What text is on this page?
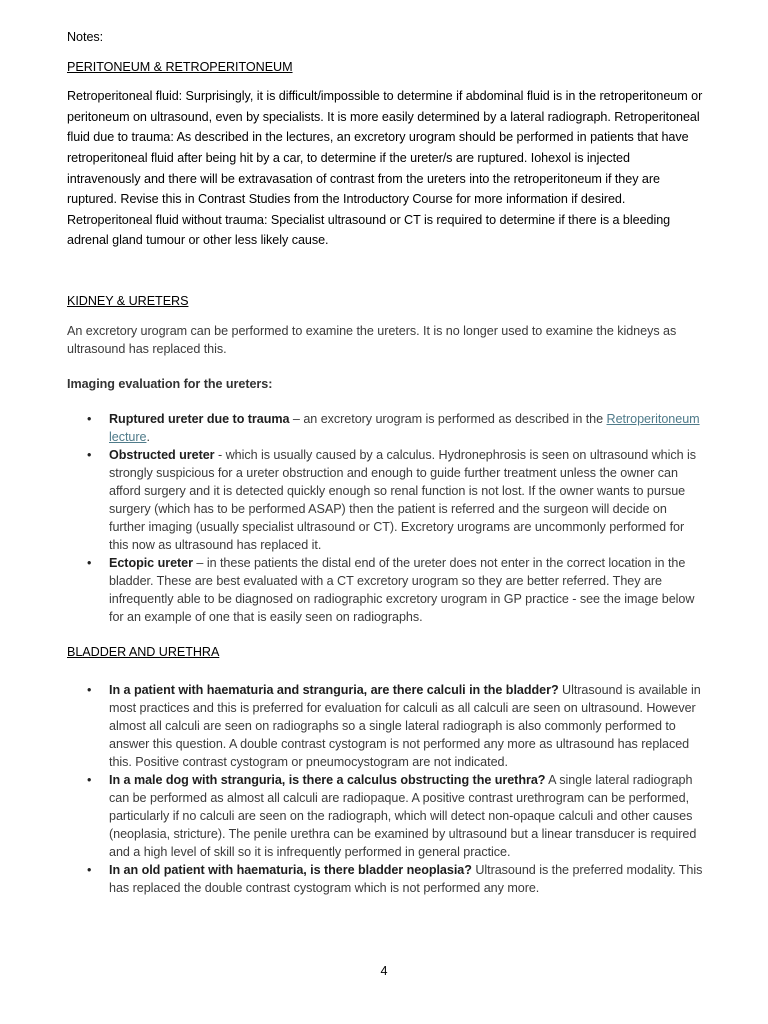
Notes:

PERITONEUM & RETROPERITONEUM

Retroperitoneal fluid: Surprisingly, it is difficult/impossible to determine if abdominal fluid is in the retroperitoneum or peritoneum on ultrasound, even by specialists. It is more easily determined by a lateral radiograph. Retroperitoneal fluid due to trauma: As described in the lectures, an excretory urogram should be performed in patients that have retroperitoneal fluid after being hit by a car, to determine if the ureter/s are ruptured. Iohexol is injected intravenously and there will be extravasation of contrast from the ureters into the retroperitoneum if they are ruptured. Revise this in Contrast Studies from the Introductory Course for more information if desired. Retroperitoneal fluid without trauma: Specialist ultrasound or CT is required to determine if there is a bleeding adrenal gland tumour or other less likely cause.

KIDNEY & URETERS

An excretory urogram can be performed to examine the ureters. It is no longer used to examine the kidneys as ultrasound has replaced this.

Imaging evaluation for the ureters:

• Ruptured ureter due to trauma – an excretory urogram is performed as described in the Retroperitoneum lecture.
• Obstructed ureter - which is usually caused by a calculus. Hydronephrosis is seen on ultrasound which is strongly suspicious for a ureter obstruction and enough to guide further treatment unless the owner can afford surgery and it is detected quickly enough so renal function is not lost. If the owner wants to pursue surgery (which has to be performed ASAP) then the patient is referred and the surgeon will decide on further imaging (usually specialist ultrasound or CT). Excretory urograms are uncommonly performed for this now as ultrasound has replaced it.
• Ectopic ureter – in these patients the distal end of the ureter does not enter in the correct location in the bladder. These are best evaluated with a CT excretory urogram so they are better referred. They are infrequently able to be diagnosed on radiographic excretory urogram in GP practice - see the image below for an example of one that is easily seen on radiographs.

BLADDER AND URETHRA

• In a patient with haematuria and stranguria, are there calculi in the bladder? Ultrasound is available in most practices and this is preferred for evaluation for calculi as all calculi are seen on ultrasound. However almost all calculi are seen on radiographs so a single lateral radiograph is also commonly performed to answer this question. A double contrast cystogram is not performed any more as ultrasound has replaced this. Positive contrast cystogram or pneumocystogram are not indicated.
• In a male dog with stranguria, is there a calculus obstructing the urethra? A single lateral radiograph can be performed as almost all calculi are radiopaque. A positive contrast urethrogram can be performed, particularly if no calculi are seen on the radiograph, which will detect non-opaque calculi and other causes (neoplasia, stricture). The penile urethra can be examined by ultrasound but a linear transducer is required and a high level of skill so it is infrequently performed in general practice.
• In an old patient with haematuria, is there bladder neoplasia? Ultrasound is the preferred modality. This has replaced the double contrast cystogram which is not performed any more.
4
